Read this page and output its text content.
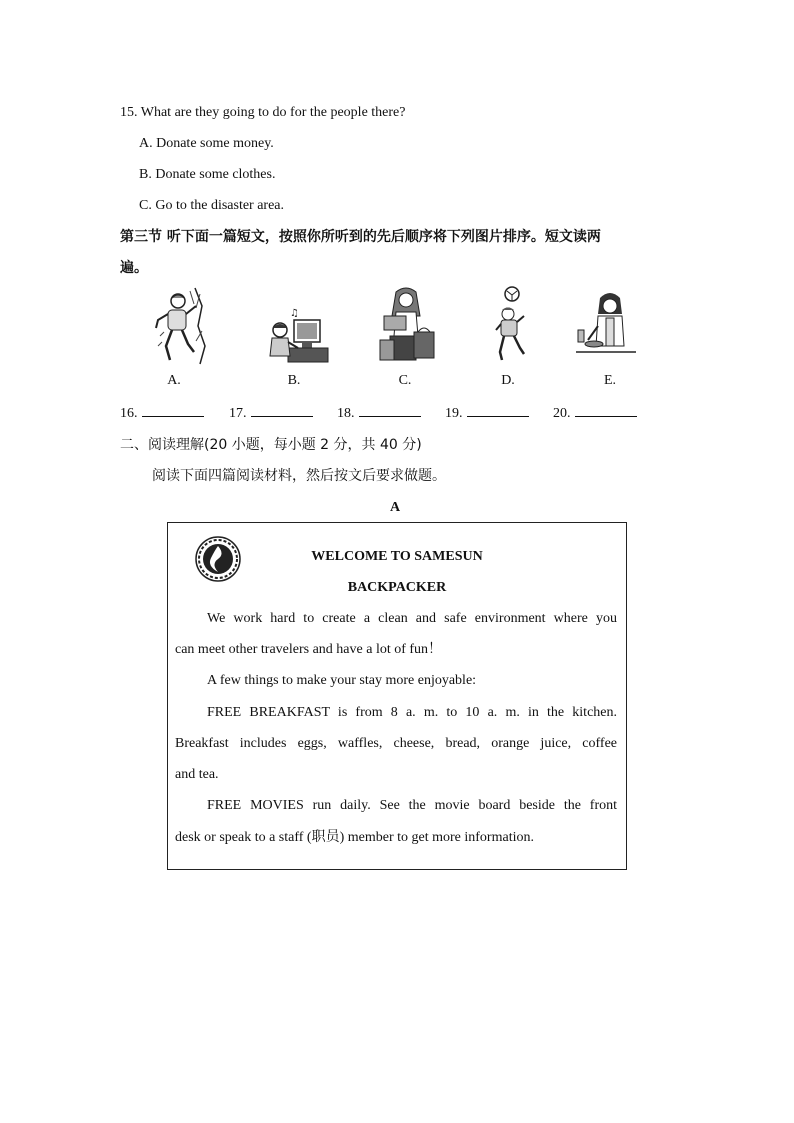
15. What are they going to do for the people there?
A. Donate some money.
B. Donate some clothes.
C. Go to the disaster area.
第三节 听下面一篇短文，按照你所听到的先后顺序将下列图片排序。短文读两
遍。
♫
A.	B.	C.	D.	E.
16.	17.	18.	19.	20.
二、阅读理解(20 小题，每小题 2 分，共 40 分)
阅读下面四篇阅读材料，然后按文后要求做题。
A
WELCOME TO SAMESUN
BACKPACKER
We work hard to create a clean and safe environment where you
can meet other travelers and have a lot of fun！
A few things to make your stay more enjoyable:
FREE BREAKFAST is from 8 a. m. to 10 a. m. in the kitchen.
Breakfast includes eggs, waffles, cheese, bread, orange juice, coffee
and tea.
FREE MOVIES run daily. See the movie board beside the front
desk or speak to a staff (职员) member to get more information.
